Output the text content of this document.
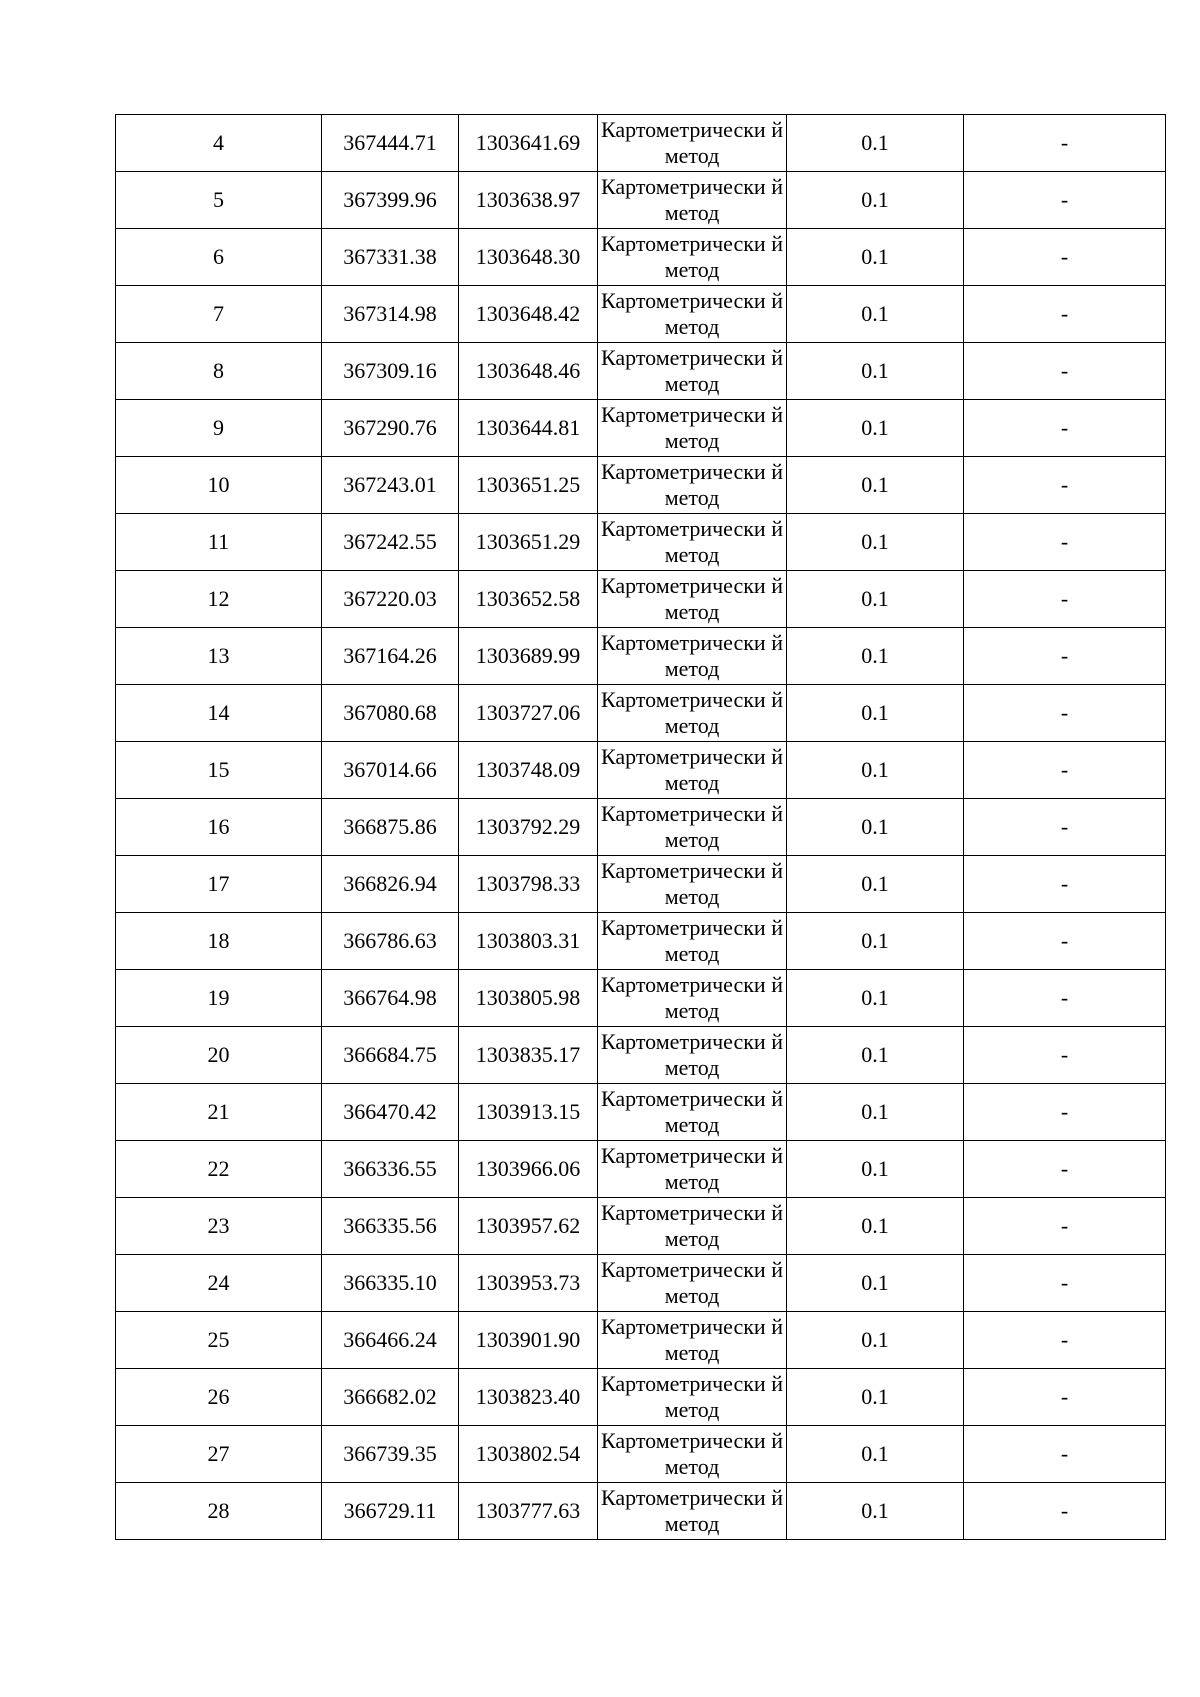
4	367444.71	1303641.69	Картометрически й метод	0.1	-
5	367399.96	1303638.97	Картометрически й метод	0.1	-
6	367331.38	1303648.30	Картометрически й метод	0.1	-
7	367314.98	1303648.42	Картометрически й метод	0.1	-
8	367309.16	1303648.46	Картометрически й метод	0.1	-
9	367290.76	1303644.81	Картометрически й метод	0.1	-
10	367243.01	1303651.25	Картометрически й метод	0.1	-
11	367242.55	1303651.29	Картометрически й метод	0.1	-
12	367220.03	1303652.58	Картометрически й метод	0.1	-
13	367164.26	1303689.99	Картометрически й метод	0.1	-
14	367080.68	1303727.06	Картометрически й метод	0.1	-
15	367014.66	1303748.09	Картометрически й метод	0.1	-
16	366875.86	1303792.29	Картометрически й метод	0.1	-
17	366826.94	1303798.33	Картометрически й метод	0.1	-
18	366786.63	1303803.31	Картометрически й метод	0.1	-
19	366764.98	1303805.98	Картометрически й метод	0.1	-
20	366684.75	1303835.17	Картометрически й метод	0.1	-
21	366470.42	1303913.15	Картометрически й метод	0.1	-
22	366336.55	1303966.06	Картометрически й метод	0.1	-
23	366335.56	1303957.62	Картометрически й метод	0.1	-
24	366335.10	1303953.73	Картометрически й метод	0.1	-
25	366466.24	1303901.90	Картометрически й метод	0.1	-
26	366682.02	1303823.40	Картометрически й метод	0.1	-
27	366739.35	1303802.54	Картометрически й метод	0.1	-
28	366729.11	1303777.63	Картометрически й метод	0.1	-
